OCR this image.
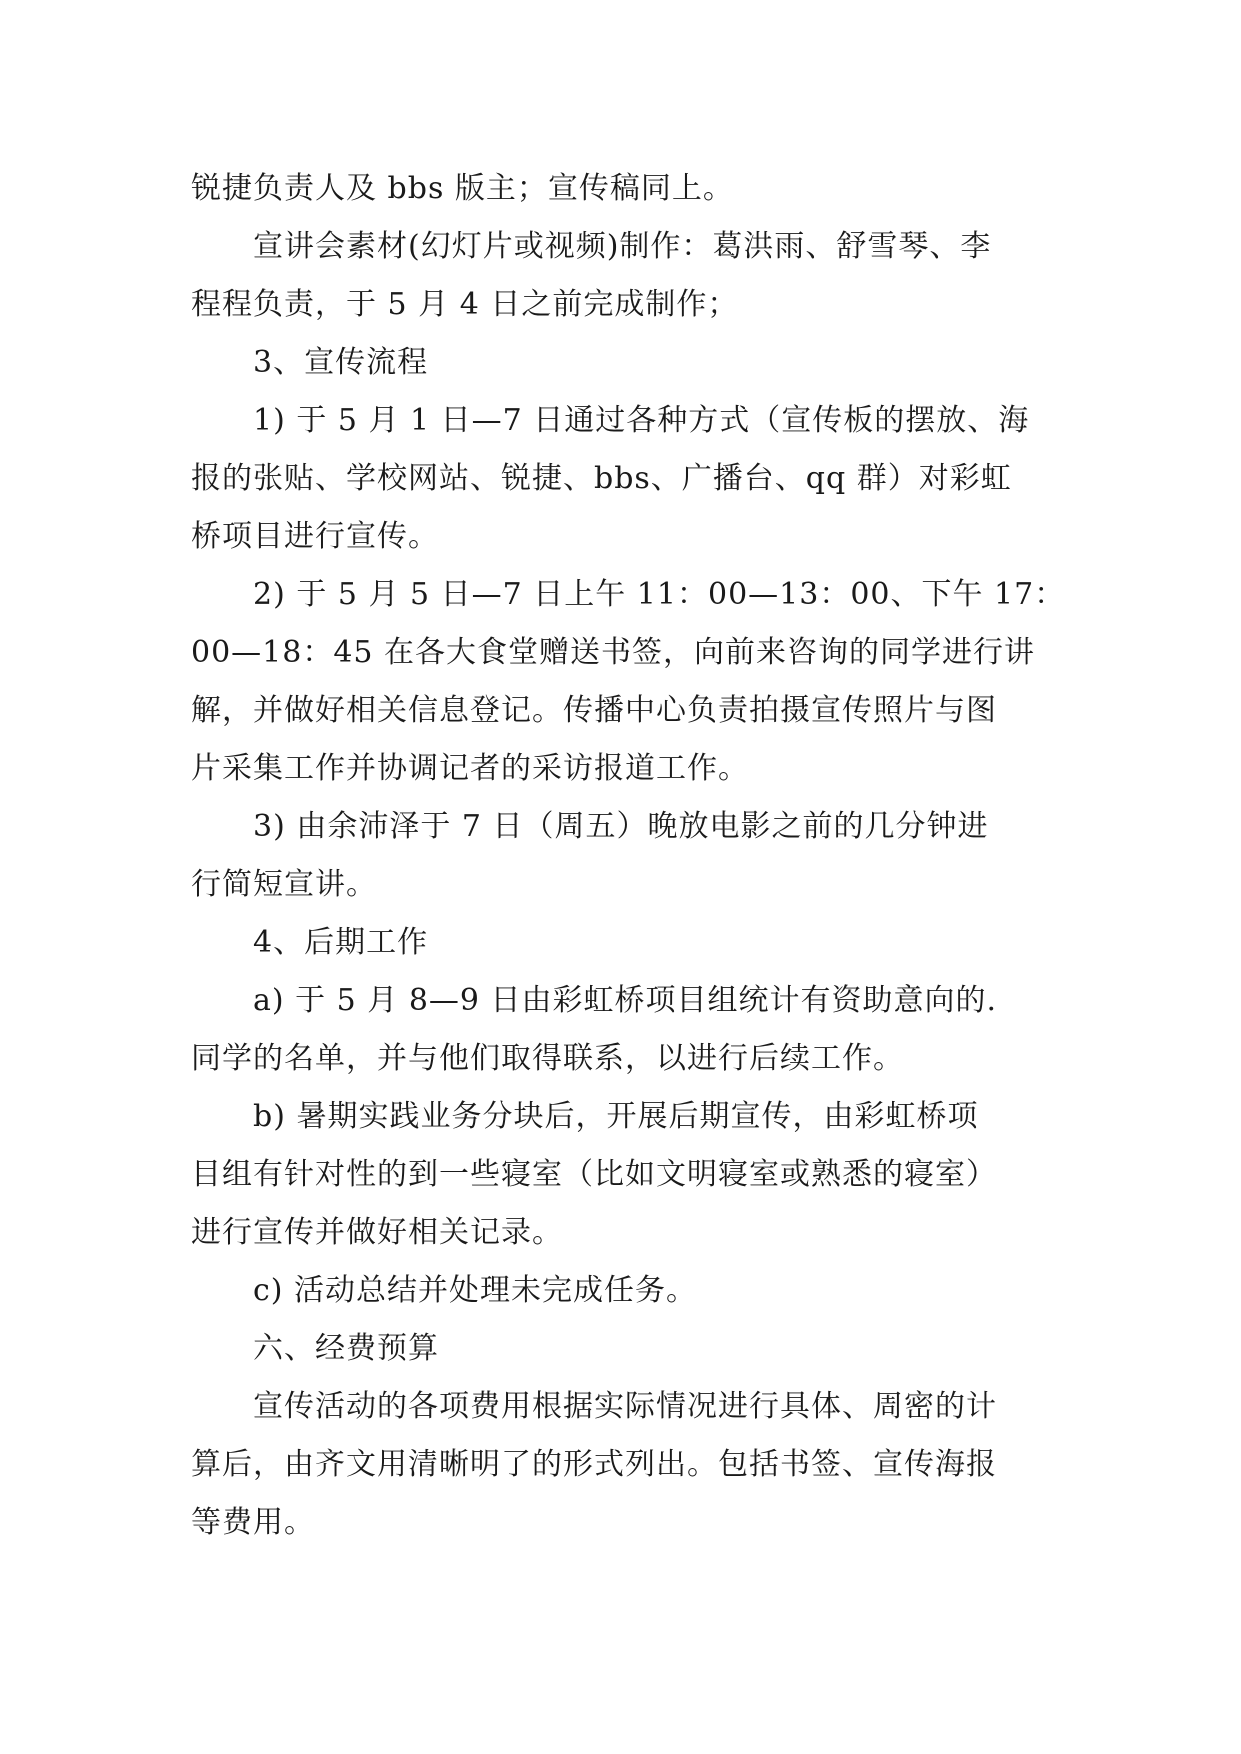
锐捷负责人及 bbs 版主；宣传稿同上。

宣讲会素材(幻灯片或视频)制作：葛洪雨、舒雪琴、李
程程负责，于 5 月 4 日之前完成制作；

3、宣传流程

1) 于 5 月 1 日—7 日通过各种方式（宣传板的摆放、海
报的张贴、学校网站、锐捷、bbs、广播台、qq 群）对彩虹
桥项目进行宣传。

2) 于 5 月 5 日—7 日上午 11：00—13：00、下午 17：
00—18：45 在各大食堂赠送书签，向前来咨询的同学进行讲
解，并做好相关信息登记。传播中心负责拍摄宣传照片与图
片采集工作并协调记者的采访报道工作。

3) 由余沛泽于 7 日（周五）晚放电影之前的几分钟进
行简短宣讲。

4、后期工作

a) 于 5 月 8—9 日由彩虹桥项目组统计有资助意向的.
同学的名单，并与他们取得联系，以进行后续工作。

b) 暑期实践业务分块后，开展后期宣传，由彩虹桥项
目组有针对性的到一些寝室（比如文明寝室或熟悉的寝室）
进行宣传并做好相关记录。

c) 活动总结并处理未完成任务。

六、经费预算

宣传活动的各项费用根据实际情况进行具体、周密的计
算后，由齐文用清晰明了的形式列出。包括书签、宣传海报
等费用。
